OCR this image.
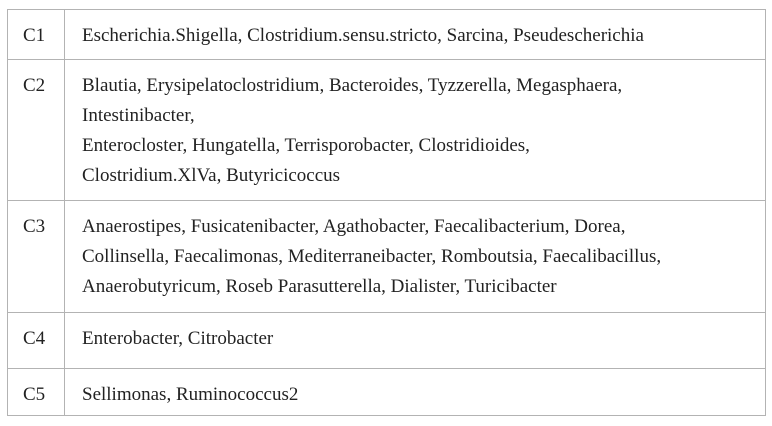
C1	Escherichia.Shigella, Clostridium.sensu.stricto, Sarcina, Pseudescherichia

C2	Blautia, Erysipelatoclostridium, Bacteroides, Tyzzerella, Megasphaera,
Intestinibacter,
Enterocloster, Hungatella, Terrisporobacter, Clostridioides,
Clostridium.XlVa, Butyricicoccus

C3	Anaerostipes, Fusicatenibacter, Agathobacter, Faecalibacterium, Dorea,
Collinsella, Faecalimonas, Mediterraneibacter, Romboutsia, Faecalibacillus,
Anaerobutyricum, Roseb Parasutterella, Dialister, Turicibacter

C4	Enterobacter, Citrobacter

C5	Sellimonas, Ruminococcus2
